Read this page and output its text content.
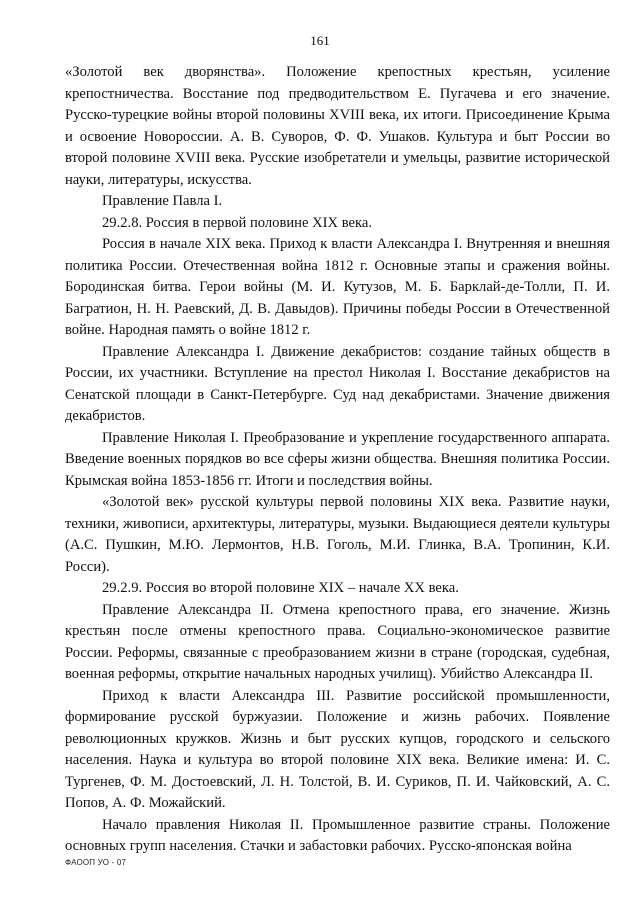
161

«Золотой век дворянства». Положение крепостных крестьян, усиление крепостничества. Восстание под предводительством Е. Пугачева и его значение. Русско-турецкие войны второй половины XVIII века, их итоги. Присоединение Крыма и освоение Новороссии. А. В. Суворов, Ф. Ф. Ушаков. Культура и быт России во второй половине XVIII века. Русские изобретатели и умельцы, развитие исторической науки, литературы, искусства.

Правление Павла I.

29.2.8. Россия в первой половине XIX века.

Россия в начале XIX века. Приход к власти Александра I. Внутренняя и внешняя политика России. Отечественная война 1812 г. Основные этапы и сражения войны. Бородинская битва. Герои войны (М. И. Кутузов, М. Б. Барклай-де-Толли, П. И. Багратион, Н. Н. Раевский, Д. В. Давыдов). Причины победы России в Отечественной войне. Народная память о войне 1812 г.

Правление Александра I. Движение декабристов: создание тайных обществ в России, их участники. Вступление на престол Николая I. Восстание декабристов на Сенатской площади в Санкт-Петербурге. Суд над декабристами. Значение движения декабристов.

Правление Николая I. Преобразование и укрепление государственного аппарата. Введение военных порядков во все сферы жизни общества. Внешняя политика России. Крымская война 1853-1856 гг. Итоги и последствия войны.

«Золотой век» русской культуры первой половины XIX века. Развитие науки, техники, живописи, архитектуры, литературы, музыки. Выдающиеся деятели культуры (А.С. Пушкин, М.Ю. Лермонтов, Н.В. Гоголь, М.И. Глинка, В.А. Тропинин, К.И. Росси).

29.2.9. Россия во второй половине XIX – начале XX века.

Правление Александра II. Отмена крепостного права, его значение. Жизнь крестьян после отмены крепостного права. Социально-экономическое развитие России. Реформы, связанные с преобразованием жизни в стране (городская, судебная, военная реформы, открытие начальных народных училищ). Убийство Александра II.

Приход к власти Александра III. Развитие российской промышленности, формирование русской буржуазии. Положение и жизнь рабочих. Появление революционных кружков. Жизнь и быт русских купцов, городского и сельского населения. Наука и культура во второй половине XIX века. Великие имена: И. С. Тургенев, Ф. М. Достоевский, Л. Н. Толстой, В. И. Суриков, П. И. Чайковский, А. С. Попов, А. Ф. Можайский.

Начало правления Николая II. Промышленное развитие страны. Положение основных групп населения. Стачки и забастовки рабочих. Русско-японская война

ФАООП УО - 07
